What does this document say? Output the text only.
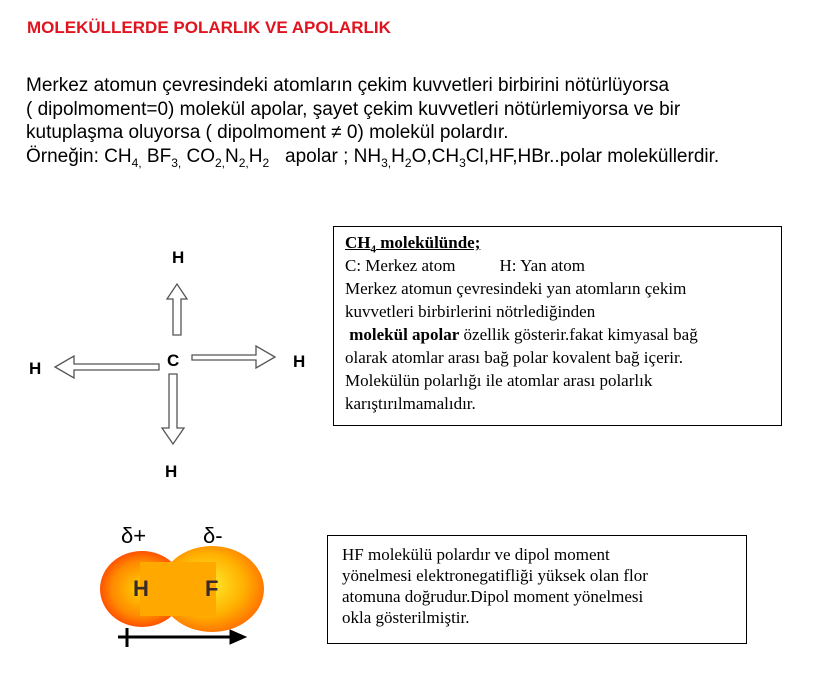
MOLEKÜLLERDE POLARLIK VE APOLARLIK
Merkez atomun çevresindeki atomların çekim kuvvetleri birbirini nötürlüyorsa
( dipolmoment=0) molekül apolar, şayet çekim kuvvetleri nötürlemiyorsa ve bir
kutuplaşma oluyorsa ( dipolmoment ≠ 0) molekül polardır.
Örneğin: $CH_{4,}$ $BF_{3,}$ $CO_{2,}N_{2,}H_2$ apolar ; $NH_{3,}H_2O,CH_3Cl,HF,HBr..polar$ moleküllerdir.
H
C
H	H
H
$CH_4$ molekülünde;
C: Merkez atom	H: Yan atom
Merkez atomun çevresindeki yan atomların çekim
kuvvetleri birbirlerini nötrlediğinden
molekül apolar özellik gösterir.fakat kimyasal bağ
olarak atomlar arası bağ polar kovalent bağ içerir.
Molekülün polarlığı ile atomlar arası polarlık
karıştırılmamalıdır.
δ+	δ-
H	F
HF molekülü polardır ve dipol moment
yönelmesi elektronegatifliği yüksek olan flor
atomuna doğrudur.Dipol moment yönelmesi
okla gösterilmiştir.
